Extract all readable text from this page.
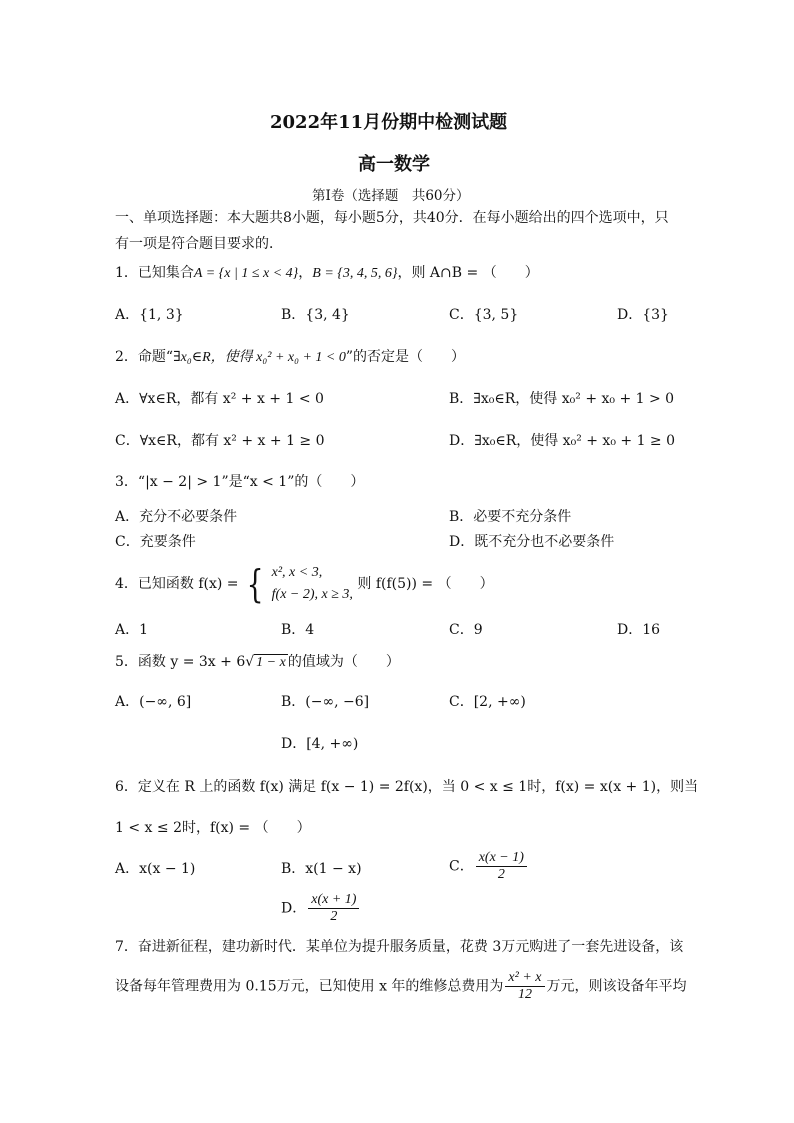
2022年11月份期中检测试题
高一数学
第Ⅰ卷（选择题　共60分）
一、单项选择题：本大题共8小题，每小题5分，共40分．在每小题给出的四个选项中，只
有一项是符合题目要求的．
1．已知集合A = {x | 1 ≤ x < 4}，B = {3, 4, 5, 6}，则 A∩B = （　　）
A．{1, 3}	B．{3, 4}	C．{3, 5}	D．{3}
2．命题“∃x₀∈R，使得 x₀² + x₀ + 1 < 0”的否定是（　　）
A．∀x∈R，都有 x² + x + 1 < 0	B．∃x₀∈R，使得 x₀² + x₀ + 1 > 0
C．∀x∈R，都有 x² + x + 1 ≥ 0	D．∃x₀∈R，使得 x₀² + x₀ + 1 ≥ 0
3．“|x − 2| > 1”是“x < 1”的（　　）
A．充分不必要条件	B．必要不充分条件
C．充要条件	D．既不充分也不必要条件
4．已知函数 f(x) = { x², x < 3,
f(x − 2), x ≥ 3,
则 f(f(5)) = （　　）
A．1	B．4	C．9	D．16
5．函数 y = 3x + 6√ 1 − x 的值域为（　　）
A．(−∞, 6]	B．(−∞, −6]	C．[2, +∞)
D．[4, +∞)
6．定义在 R 上的函数 f(x) 满足 f(x − 1) = 2f(x)，当 0 < x ≤ 1时，f(x) = x(x + 1)，则当
1 < x ≤ 2时，f(x) = （　　）
A．x(x − 1)	B．x(1 − x)	C． $\frac{x(x - 1)}{2}$
D． $\frac{x(x + 1)}{2}$
7．奋进新征程，建功新时代．某单位为提升服务质量，花费 3万元购进了一套先进设备，该
设备每年管理费用为 0.15万元，已知使用 x 年的维修总费用为 $\frac{\text{x² + x}}{12}$ 万元，则该设备年平均
